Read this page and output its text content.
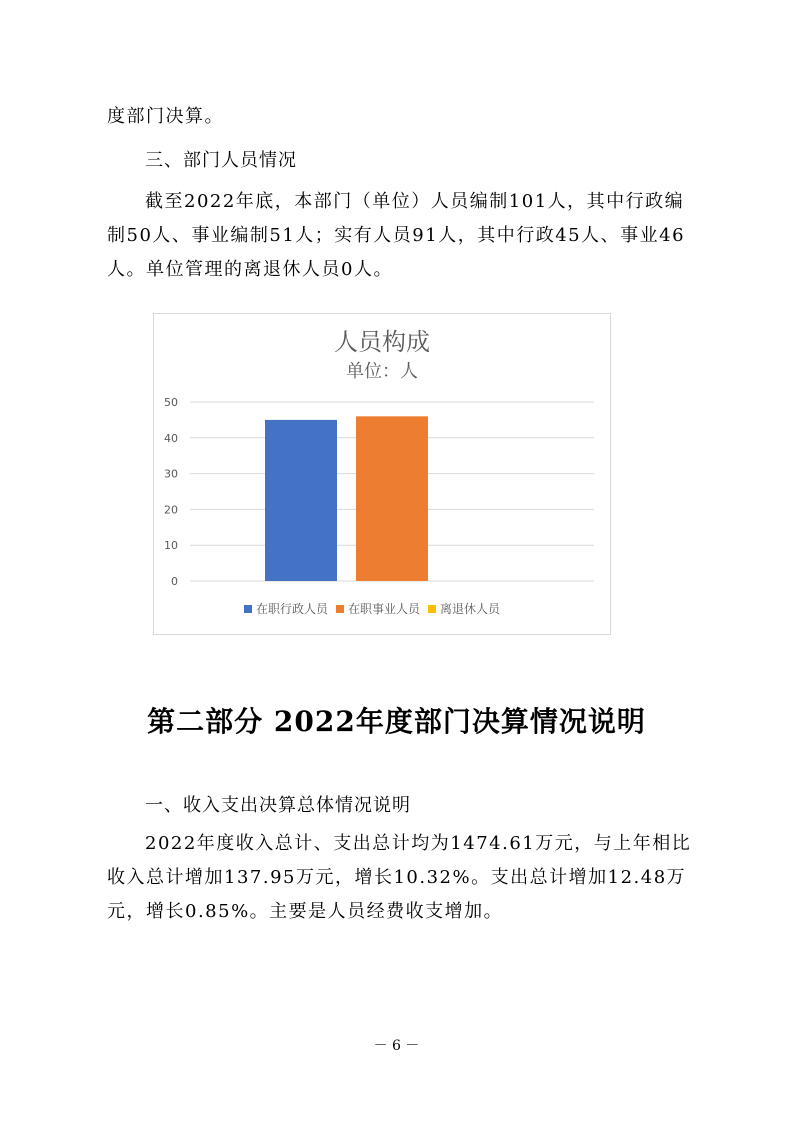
度部门决算。

三、部门人员情况

截至2022年底，本部门（单位）人员编制101人，其中行政编制50人、事业编制51人；实有人员91人，其中行政45人、事业46人。单位管理的离退休人员0人。

人员构成
单位：人
0
10
20
30
40
50
在职行政人员 在职事业人员 离退休人员
第二部分 2022年度部门决算情况说明
一、收入支出决算总体情况说明

2022年度收入总计、支出总计均为1474.61万元，与上年相比收入总计增加137.95万元，增长10.32%。支出总计增加12.48万元，增长0.85%。主要是人员经费收支增加。

－ 6 －
